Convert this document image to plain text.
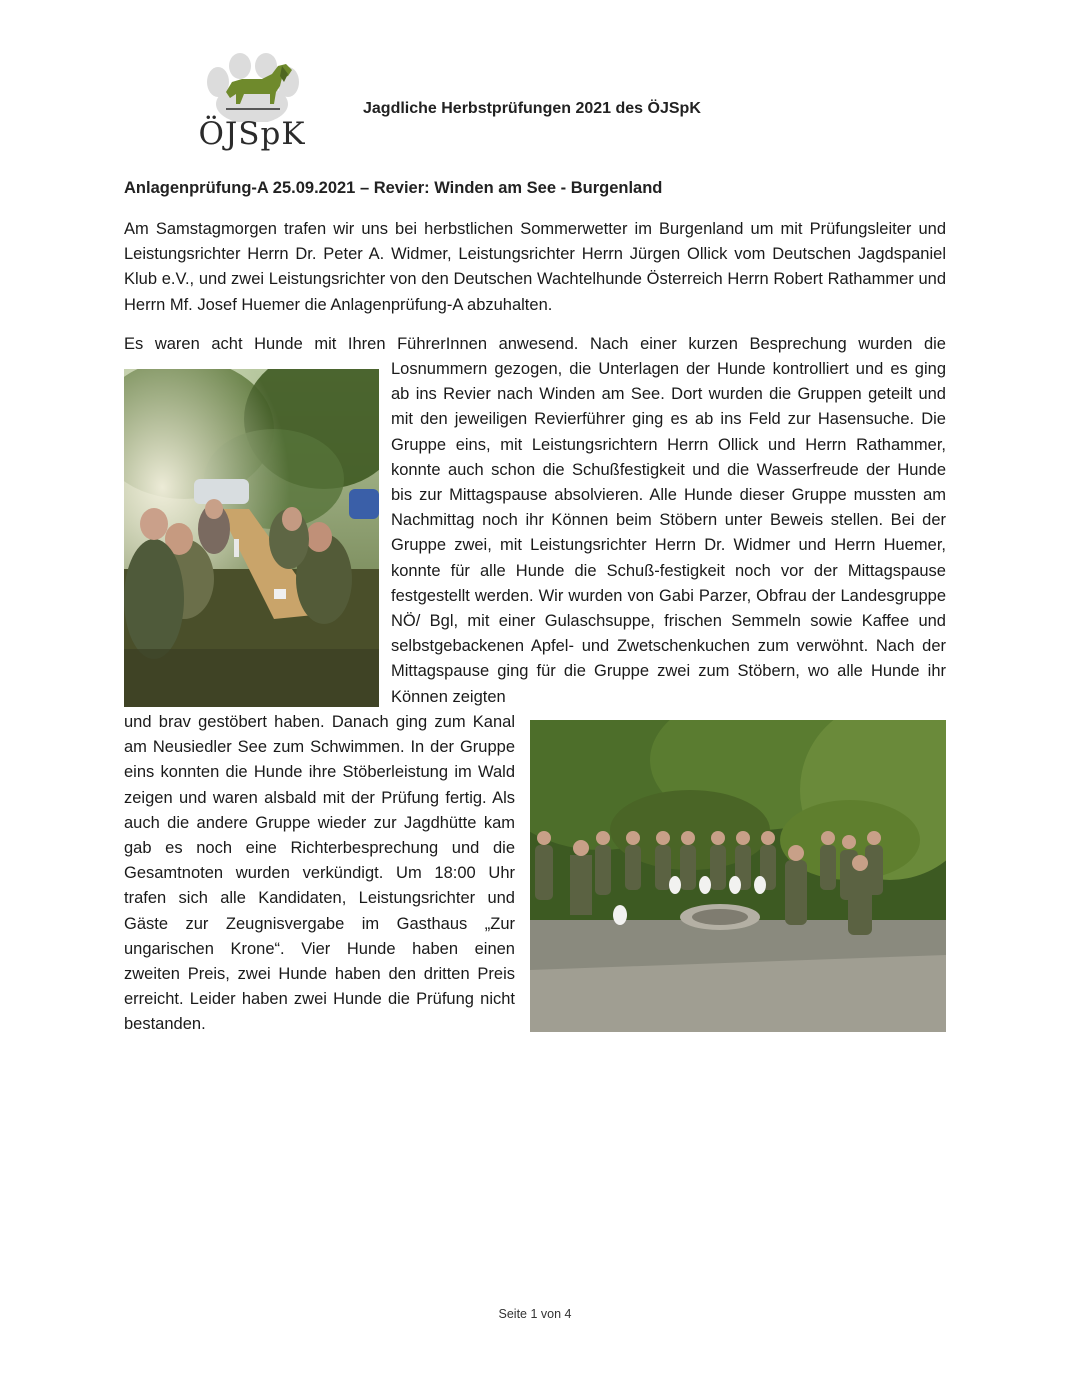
ÖJSpK
Jagdliche Herbstprüfungen 2021 des ÖJSpK
Anlagenprüfung-A 25.09.2021 – Revier: Winden am See - Burgenland

Am Samstagmorgen trafen wir uns bei herbstlichen Sommerwetter im Burgenland um mit Prüfungsleiter und Leistungsrichter Herrn Dr. Peter A. Widmer, Leistungsrichter Herrn Jürgen Ollick vom Deutschen Jagdspaniel Klub e.V., und zwei Leistungsrichter von den Deutschen Wachtelhunde Österreich Herrn Robert Rathammer und Herrn Mf. Josef Huemer die Anlagenprüfung-A abzuhalten.

Es waren acht Hunde mit Ihren FührerInnen anwesend. Nach einer kurzen Besprechung wurden die
Losnummern gezogen, die Unterlagen der Hunde kontrolliert und es ging ab ins Revier nach Winden am See. Dort wurden die Gruppen geteilt und mit den jeweiligen Revierführer ging es ab ins Feld zur Hasensuche. Die Gruppe eins, mit Leistungsrichtern Herrn Ollick und Herrn Rathammer, konnte auch schon die Schußfestigkeit und die Wasserfreude der Hunde bis zur Mittagspause absolvieren. Alle Hunde dieser Gruppe mussten am Nachmittag noch ihr Können beim Stöbern unter Beweis stellen. Bei der Gruppe zwei, mit Leistungsrichter Herrn Dr. Widmer und Herrn Huemer, konnte für alle Hunde die Schuß-festigkeit noch vor der Mittagspause festgestellt werden. Wir wurden von Gabi Parzer, Obfrau der Landesgruppe NÖ/ Bgl, mit einer Gulaschsuppe, frischen Semmeln sowie Kaffee und selbstgebackenen Apfel- und Zwetschenkuchen zum verwöhnt. Nach der Mittagspause ging für die Gruppe zwei zum Stöbern, wo alle Hunde ihr Können zeigten
und brav gestöbert haben. Danach ging zum Kanal am Neusiedler See zum Schwimmen. In der Gruppe eins konnten die Hunde ihre Stöberleistung im Wald zeigen und waren alsbald mit der Prüfung fertig. Als auch die andere Gruppe wieder zur Jagdhütte kam gab es noch eine Richterbesprechung und die Gesamtnoten wurden verkündigt. Um 18:00 Uhr trafen sich alle Kandidaten, Leistungsrichter und Gäste zur Zeugnisvergabe im Gasthaus „Zur ungarischen Krone“. Vier Hunde haben einen zweiten Preis, zwei Hunde haben den dritten Preis erreicht. Leider haben zwei Hunde die Prüfung nicht bestanden.
Seite 1 von 4
